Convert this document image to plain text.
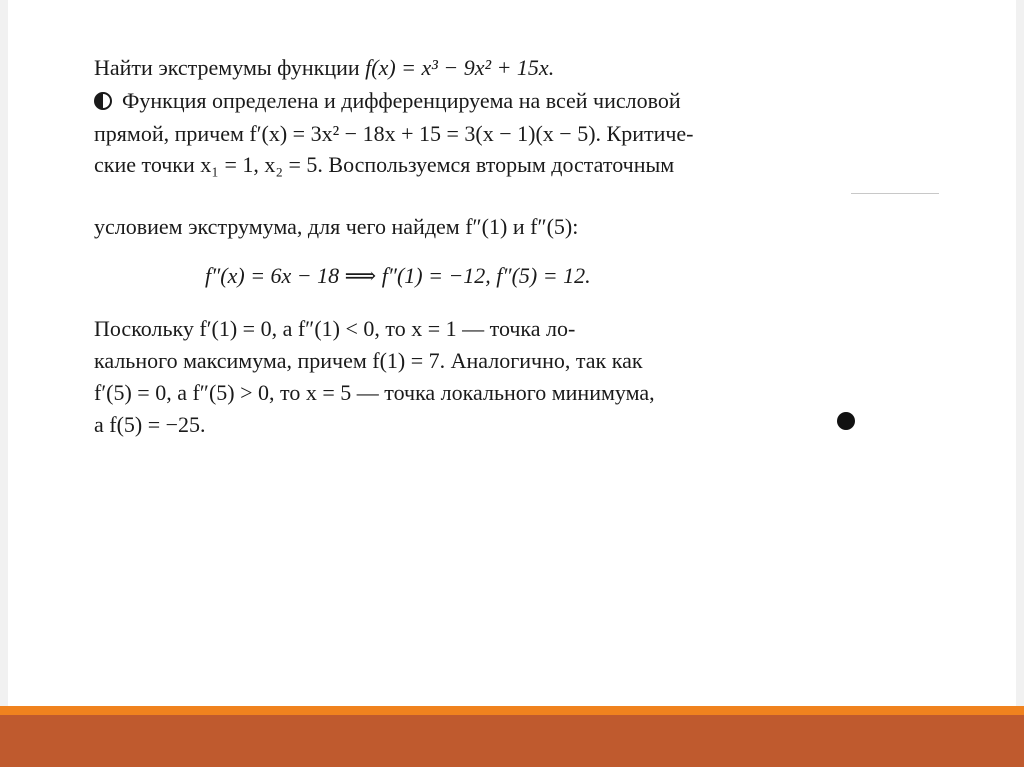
Найти экстремумы функции f(x) = x³ − 9x² + 15x.
Функция определена и дифференцируема на всей числовой
прямой, причем f′(x) = 3x² − 18x + 15 = 3(x − 1)(x − 5). Критиче-
ские точки x₁ = 1, x₂ = 5. Воспользуемся вторым достаточным
условием экструмума, для чего найдем f″(1) и f″(5):
f″(x) = 6x − 18 ⟹ f″(1) = −12, f″(5) = 12.
Поскольку f′(1) = 0, а f″(1) < 0, то x = 1 — точка ло-
кального максимума, причем f(1) = 7. Аналогично, так как
f′(5) = 0, а f″(5) > 0, то x = 5 — точка локального минимума,
а f(5) = −25.
